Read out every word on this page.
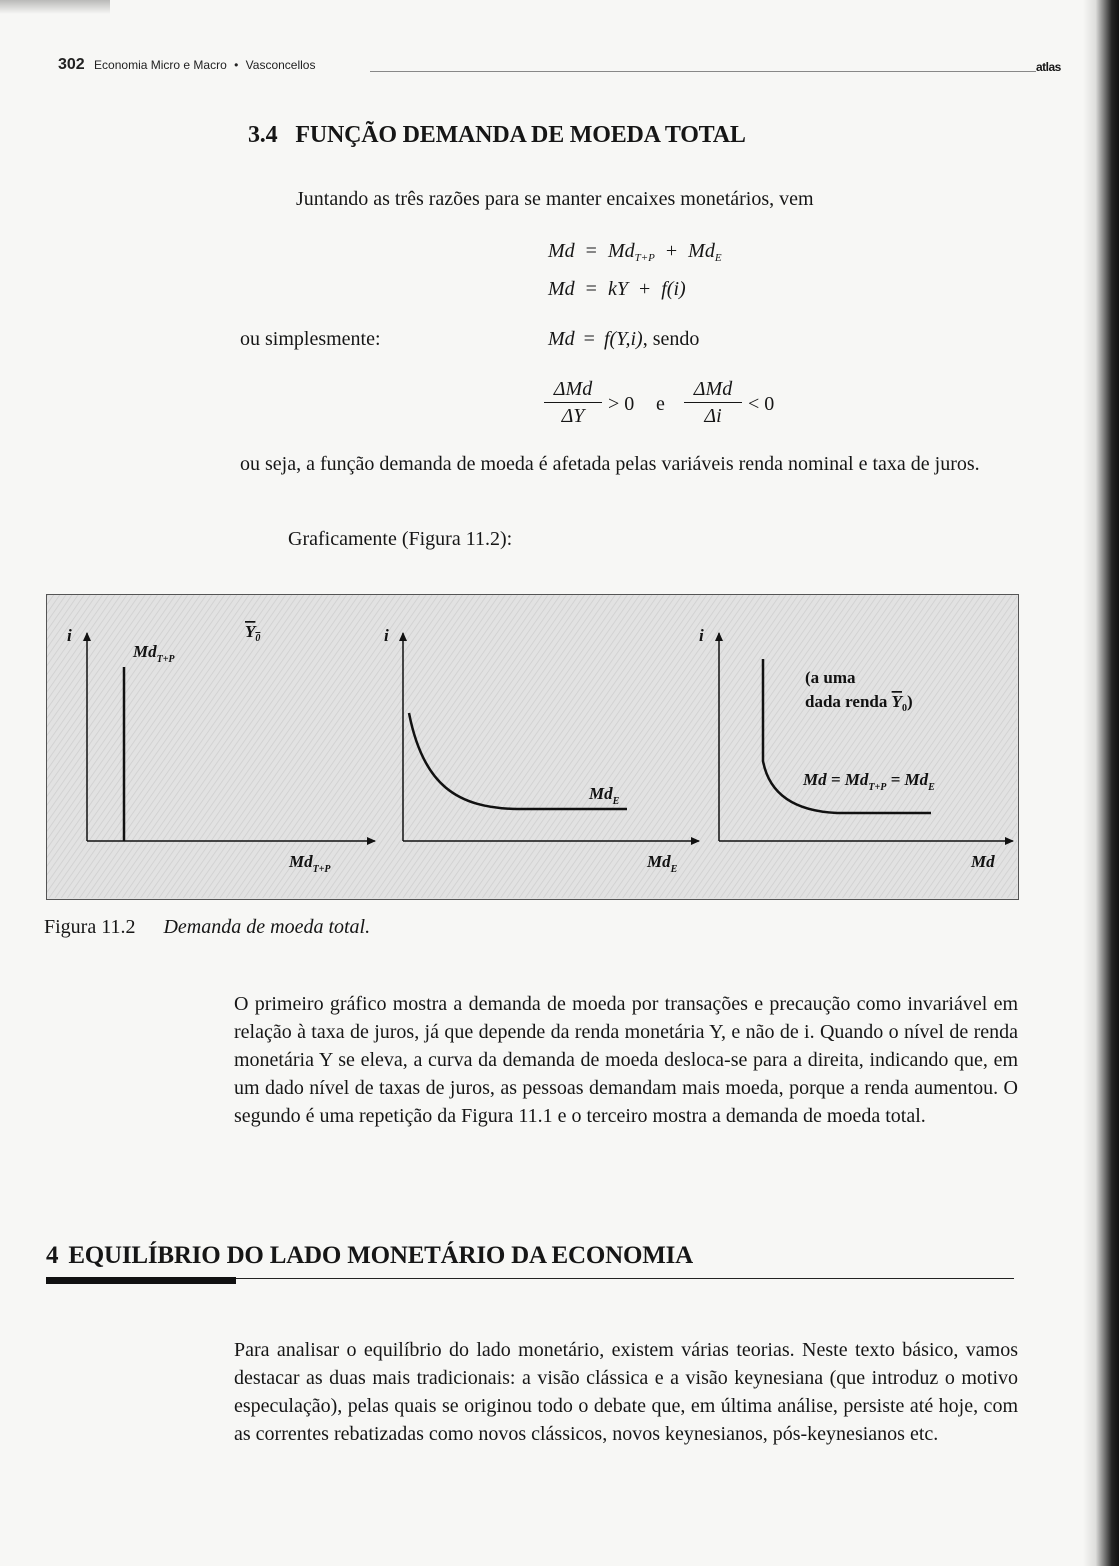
302 Economia Micro e Macro • Vasconcellos	atlas
3.4 FUNÇÃO DEMANDA DE MOEDA TOTAL
Juntando as três razões para se manter encaixes monetários, vem
$Md = Md_{T+P} + Md_E$
Md = kY + f(i)
ou simplesmente:	Md = f(Y,i), sendo
ΔMd
ΔY
> 0 e
ΔMd
Δi
< 0
ou seja, a função demanda de moeda é afetada pelas variáveis renda nominal e taxa de juros.
Graficamente (Figura 11.2):
i
$Md_{T+P}$
$Y_0$
$Md_{T+P}$
i
$Md_E$
$Md_E$
i
(a uma
dada renda $Y_0$)
$Md = Md_{T+P} = Md_E$
Md
Figura 11.2 Demanda de moeda total.
O primeiro gráfico mostra a demanda de moeda por transações e precaução como invariável em relação à taxa de juros, já que depende da renda monetária Y, e não de i. Quando o nível de renda monetária Y se eleva, a curva da demanda de moeda desloca-se para a direita, indicando que, em um dado nível de taxas de juros, as pessoas demandam mais moeda, porque a renda aumentou. O segundo é uma repetição da Figura 11.1 e o terceiro mostra a demanda de moeda total.
4 EQUILÍBRIO DO LADO MONETÁRIO DA ECONOMIA
Para analisar o equilíbrio do lado monetário, existem várias teorias. Neste texto básico, vamos destacar as duas mais tradicionais: a visão clássica e a visão keynesiana (que introduz o motivo especulação), pelas quais se originou todo o debate que, em última análise, persiste até hoje, com as correntes rebatizadas como novos clássicos, novos keynesianos, pós-keynesianos etc.
